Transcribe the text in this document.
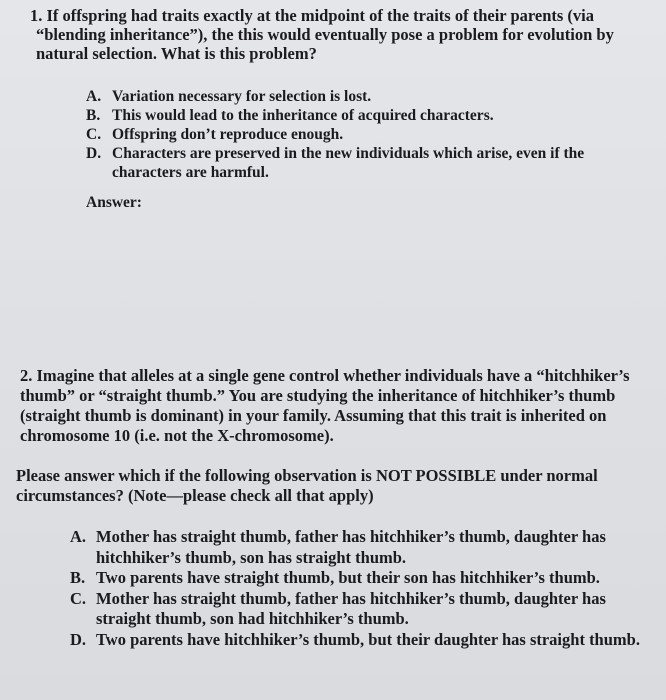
1. If offspring had traits exactly at the midpoint of the traits of their parents (via “blending inheritance”), the this would eventually pose a problem for evolution by natural selection. What is this problem?
A. Variation necessary for selection is lost.
B. This would lead to the inheritance of acquired characters.
C. Offspring don’t reproduce enough.
D. Characters are preserved in the new individuals which arise, even if the characters are harmful.
Answer:
2. Imagine that alleles at a single gene control whether individuals have a “hitchhiker’s thumb” or “straight thumb.” You are studying the inheritance of hitchhiker’s thumb (straight thumb is dominant) in your family. Assuming that this trait is inherited on chromosome 10 (i.e. not the X-chromosome).
Please answer which if the following observation is NOT POSSIBLE under normal circumstances? (Note—please check all that apply)
A. Mother has straight thumb, father has hitchhiker’s thumb, daughter has hitchhiker’s thumb, son has straight thumb.
B. Two parents have straight thumb, but their son has hitchhiker’s thumb.
C. Mother has straight thumb, father has hitchhiker’s thumb, daughter has straight thumb, son had hitchhiker’s thumb.
D. Two parents have hitchhiker’s thumb, but their daughter has straight thumb.
